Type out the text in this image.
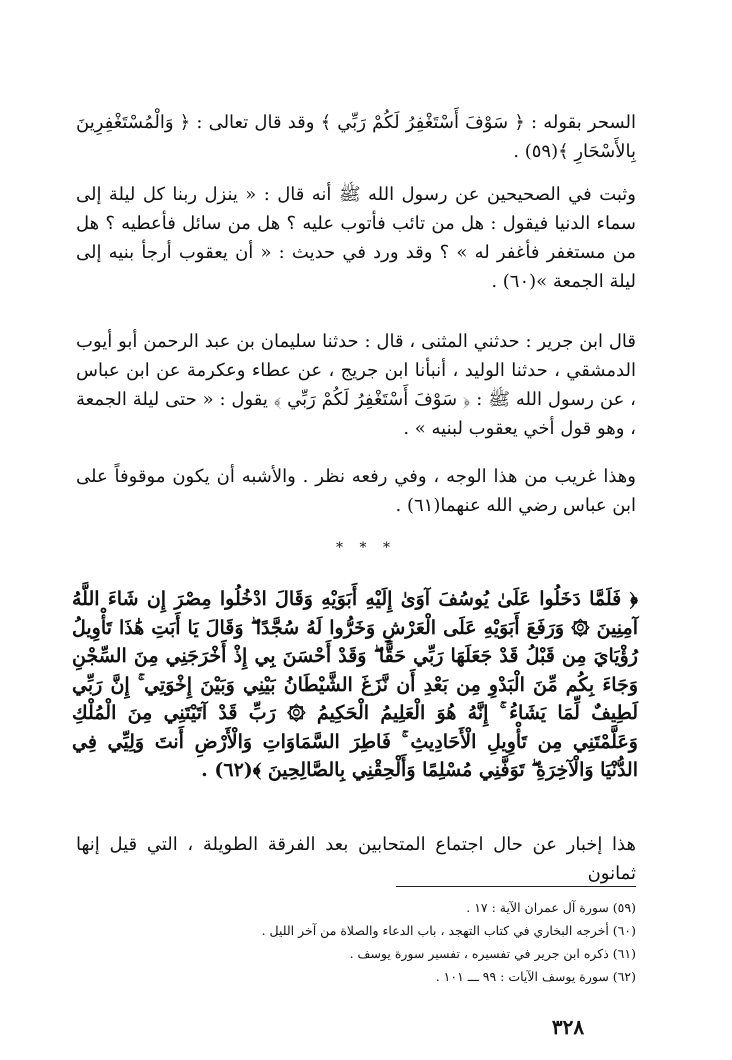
السحر بقوله : ﴿ سَوْفَ أَسْتَغْفِرُ لَكُمْ رَبِّي ﴾ وقد قال تعالى : ﴿ وَالْمُسْتَغْفِرِينَ بِالأَسْحَارِ ﴾(٥٩) .

وثبت في الصحيحين عن رسول الله ﷺ أنه قال : « ينزل ربنا كل ليلة إلى سماء الدنيا فيقول : هل من تائب فأتوب عليه ؟ هل من سائل فأعطيه ؟ هل من مستغفر فأغفر له » ؟ وقد ورد في حديث : « أن يعقوب أرجأ بنيه إلى ليلة الجمعة »(٦٠) .

قال ابن جرير : حدثني المثنى ، قال : حدثنا سليمان بن عبد الرحمن أبو أيوب الدمشقي ، حدثنا الوليد ، أنبأنا ابن جريج ، عن عطاء وعكرمة عن ابن عباس ، عن رسول الله ﷺ : ﴿ سَوْفَ أَسْتَغْفِرُ لَكُمْ رَبِّي ﴾ يقول : « حتى ليلة الجمعة ، وهو قول أخي يعقوب لبنيه » .

وهذا غريب من هذا الوجه ، وفي رفعه نظر . والأشبه أن يكون موقوفاً على ابن عباس رضي الله عنهما(٦١) .

* * *

﴿ فَلَمَّا دَخَلُوا عَلَىٰ يُوسُفَ آوَىٰ إِلَيْهِ أَبَوَيْهِ وَقَالَ ادْخُلُوا مِصْرَ إِن شَاءَ اللَّهُ آمِنِينَ ۞ وَرَفَعَ أَبَوَيْهِ عَلَى الْعَرْشِ وَخَرُّوا لَهُ سُجَّدًا ۖ وَقَالَ يَا أَبَتِ هَٰذَا تَأْوِيلُ رُؤْيَايَ مِن قَبْلُ قَدْ جَعَلَهَا رَبِّي حَقًّا ۖ وَقَدْ أَحْسَنَ بِي إِذْ أَخْرَجَنِي مِنَ السِّجْنِ وَجَاءَ بِكُم مِّنَ الْبَدْوِ مِن بَعْدِ أَن نَّزَغَ الشَّيْطَانُ بَيْنِي وَبَيْنَ إِخْوَتِي ۚ إِنَّ رَبِّي لَطِيفٌ لِّمَا يَشَاءُ ۚ إِنَّهُ هُوَ الْعَلِيمُ الْحَكِيمُ ۞ رَبِّ قَدْ آتَيْتَنِي مِنَ الْمُلْكِ وَعَلَّمْتَنِي مِن تَأْوِيلِ الْأَحَادِيثِ ۚ فَاطِرَ السَّمَاوَاتِ وَالْأَرْضِ أَنتَ وَلِيِّي فِي الدُّنْيَا وَالْآخِرَةِ ۖ تَوَفَّنِي مُسْلِمًا وَأَلْحِقْنِي بِالصَّالِحِينَ ﴾(٦٢) .

هذا إخبار عن حال اجتماع المتحابين بعد الفرقة الطويلة ، التي قيل إنها ثمانون

(٥٩) سورة آل عمران الآية : ١٧ .
(٦٠) أخرجه البخاري في كتاب التهجد ، باب الدعاء والصلاة من آخر الليل .
(٦١) ذكره ابن جرير في تفسيره ، تفسير سورة يوسف .
(٦٢) سورة يوسف الآيات : ٩٩ ـــ ١٠١ .
٣٢٨
